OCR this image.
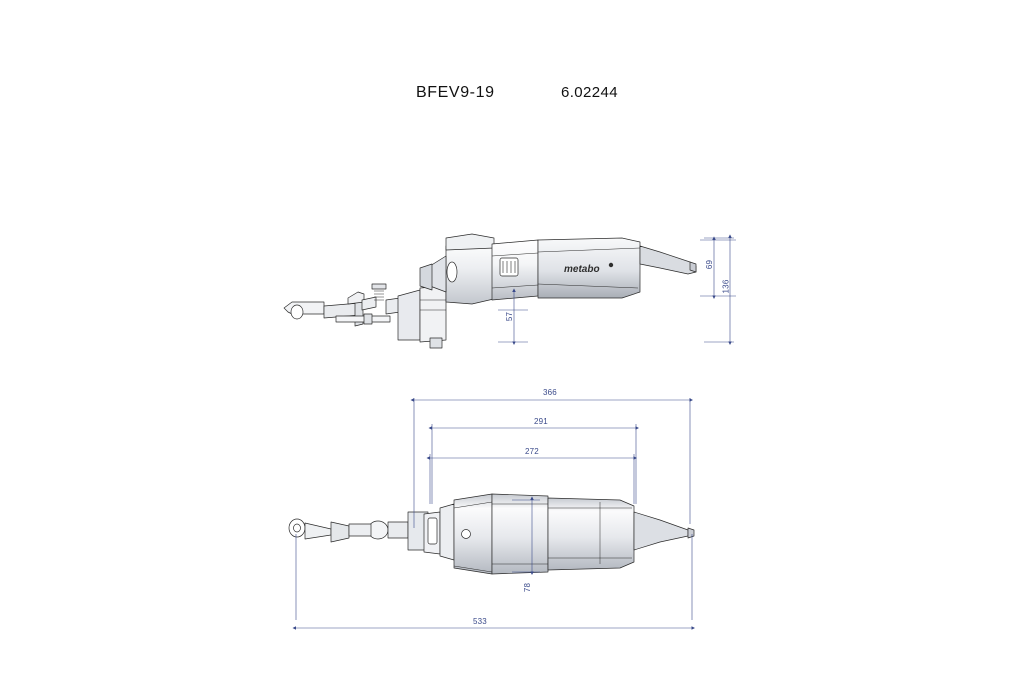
BFEV9-19	6.02244
metabo	69
136
57
366
291
272
78
533
